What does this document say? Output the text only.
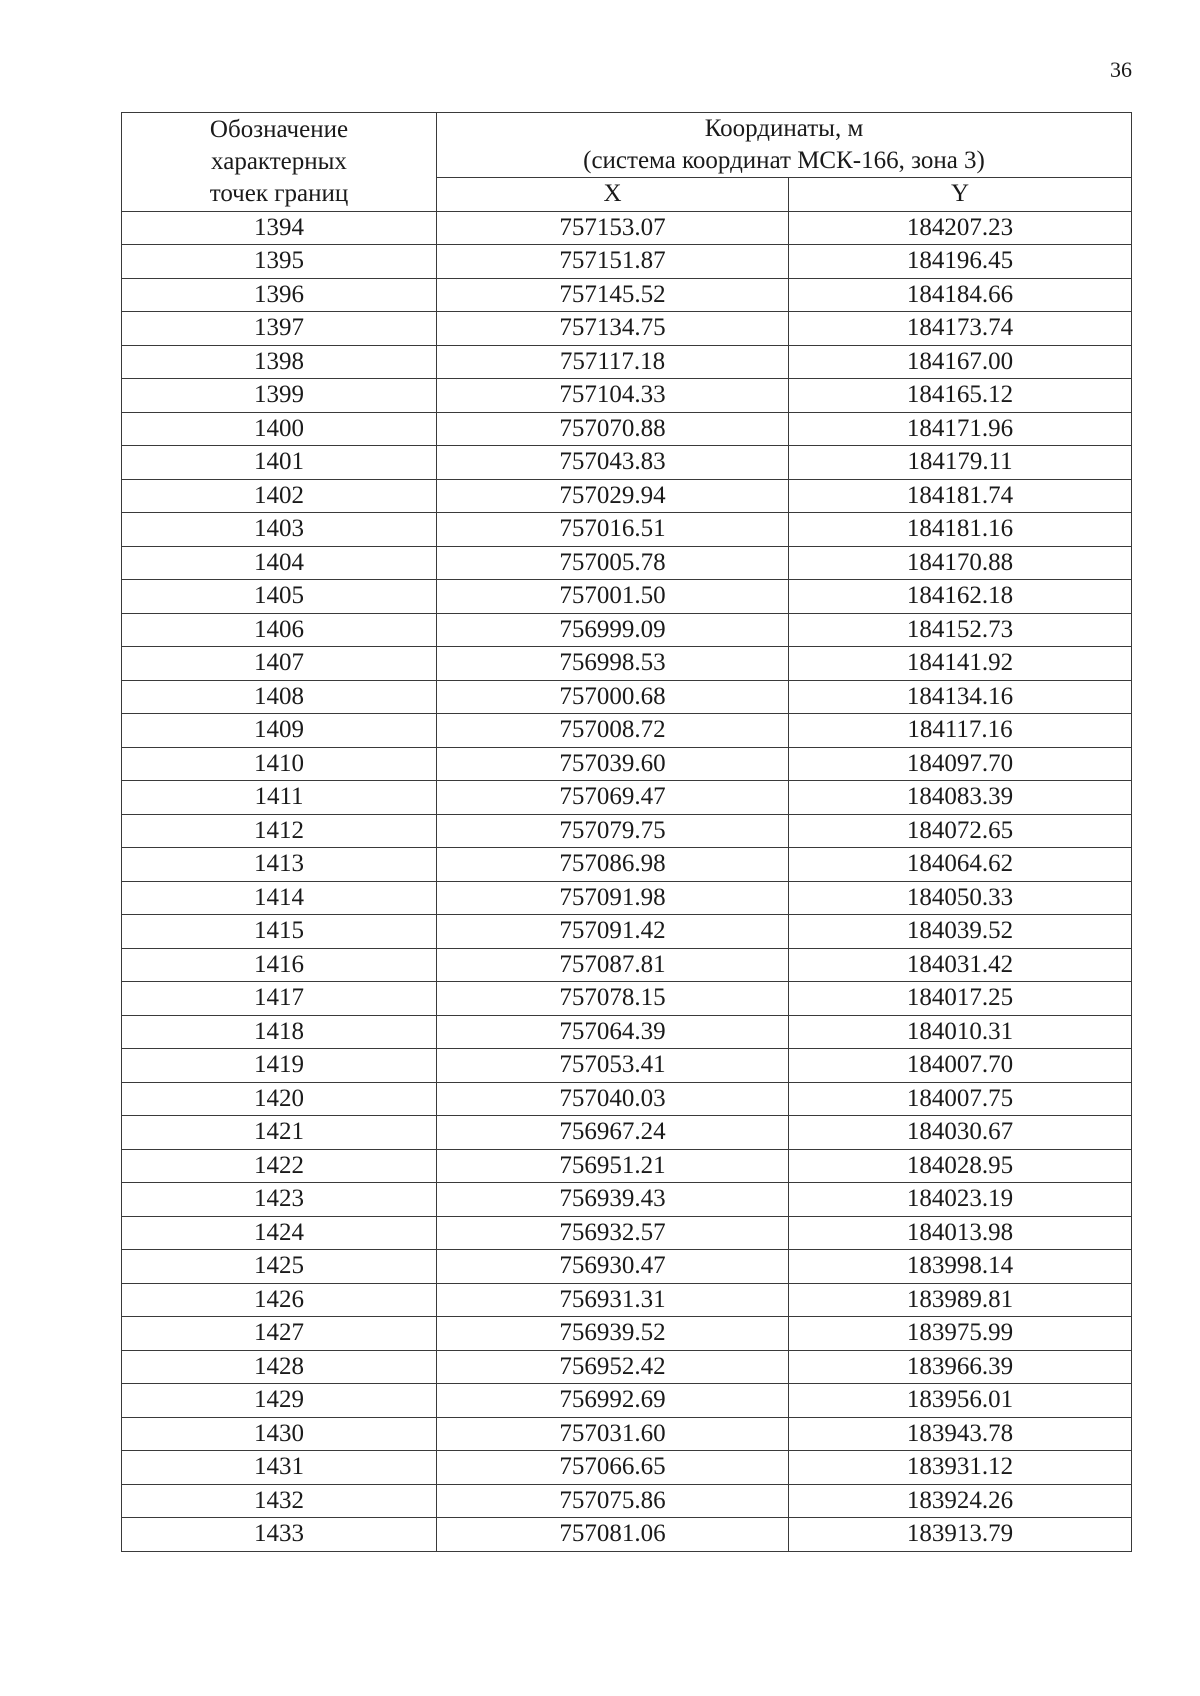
36
Обозначение
характерных
точек границ	Координаты, м
(система координат МСК-166, зона 3)	

	X	Y
1394	757153.07	184207.23
1395	757151.87	184196.45
1396	757145.52	184184.66
1397	757134.75	184173.74
1398	757117.18	184167.00
1399	757104.33	184165.12
1400	757070.88	184171.96
1401	757043.83	184179.11
1402	757029.94	184181.74
1403	757016.51	184181.16
1404	757005.78	184170.88
1405	757001.50	184162.18
1406	756999.09	184152.73
1407	756998.53	184141.92
1408	757000.68	184134.16
1409	757008.72	184117.16
1410	757039.60	184097.70
1411	757069.47	184083.39
1412	757079.75	184072.65
1413	757086.98	184064.62
1414	757091.98	184050.33
1415	757091.42	184039.52
1416	757087.81	184031.42
1417	757078.15	184017.25
1418	757064.39	184010.31
1419	757053.41	184007.70
1420	757040.03	184007.75
1421	756967.24	184030.67
1422	756951.21	184028.95
1423	756939.43	184023.19
1424	756932.57	184013.98
1425	756930.47	183998.14
1426	756931.31	183989.81
1427	756939.52	183975.99
1428	756952.42	183966.39
1429	756992.69	183956.01
1430	757031.60	183943.78
1431	757066.65	183931.12
1432	757075.86	183924.26
1433	757081.06	183913.79
